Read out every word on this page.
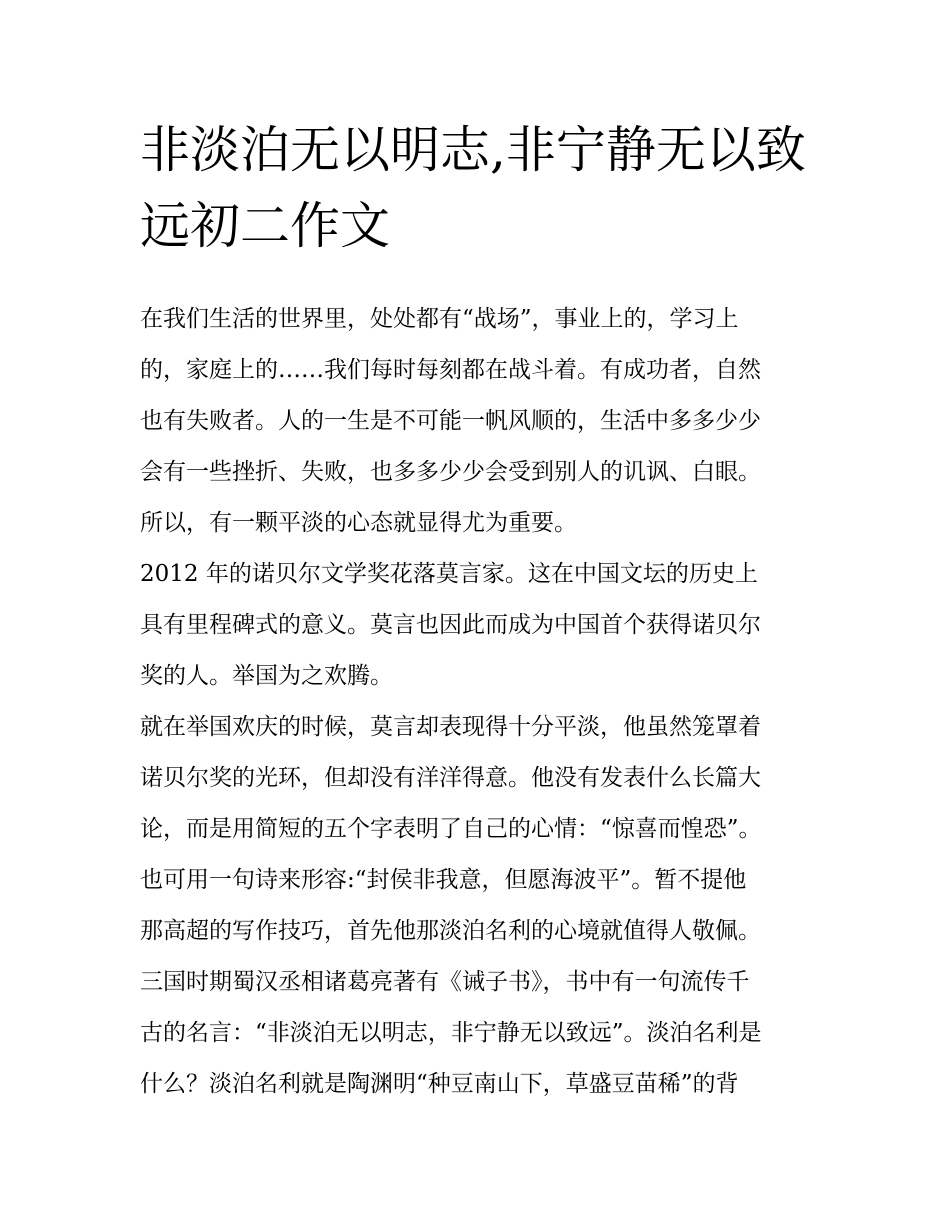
非淡泊无以明志,非宁静无以致
远初二作文

在我们生活的世界里，处处都有“战场”，事业上的，学习上
的，家庭上的……我们每时每刻都在战斗着。有成功者，自然
也有失败者。人的一生是不可能一帆风顺的，生活中多多少少
会有一些挫折、失败，也多多少少会受到别人的讥讽、白眼。
所以，有一颗平淡的心态就显得尤为重要。

2012 年的诺贝尔文学奖花落莫言家。这在中国文坛的历史上
具有里程碑式的意义。莫言也因此而成为中国首个获得诺贝尔
奖的人。举国为之欢腾。

就在举国欢庆的时候，莫言却表现得十分平淡，他虽然笼罩着
诺贝尔奖的光环，但却没有洋洋得意。他没有发表什么长篇大
论，而是用简短的五个字表明了自己的心情：“惊喜而惶恐”。
也可用一句诗来形容:“封侯非我意，但愿海波平”。暂不提他
那高超的写作技巧，首先他那淡泊名利的心境就值得人敬佩。

三国时期蜀汉丞相诸葛亮著有《诫子书》，书中有一句流传千
古的名言：“非淡泊无以明志，非宁静无以致远”。淡泊名利是
什么？淡泊名利就是陶渊明“种豆南山下，草盛豆苗稀”的背
